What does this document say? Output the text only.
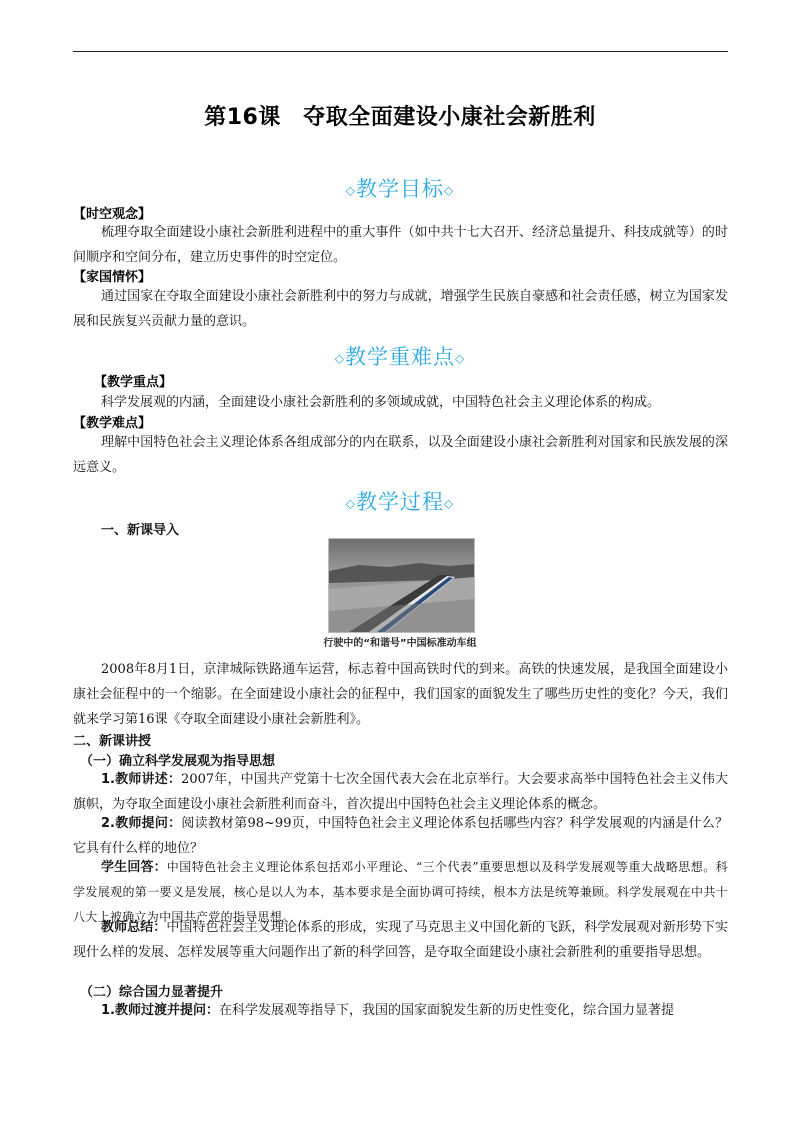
第16课　夺取全面建设小康社会新胜利
◇教学目标◇
【时空观念】
梳理夺取全面建设小康社会新胜利进程中的重大事件（如中共十七大召开、经济总量提升、科技成就等）的时间顺序和空间分布，建立历史事件的时空定位。
【家国情怀】
通过国家在夺取全面建设小康社会新胜利中的努力与成就，增强学生民族自豪感和社会责任感，树立为国家发展和民族复兴贡献力量的意识。
◇教学重难点◇
【教学重点】
科学发展观的内涵，全面建设小康社会新胜利的多领域成就，中国特色社会主义理论体系的构成。
【教学难点】
理解中国特色社会主义理论体系各组成部分的内在联系，以及全面建设小康社会新胜利对国家和民族发展的深远意义。
◇教学过程◇
一、新课导入
行驶中的“和谐号”中国标准动车组
2008年8月1日，京津城际铁路通车运营，标志着中国高铁时代的到来。高铁的快速发展，是我国全面建设小康社会征程中的一个缩影。在全面建设小康社会的征程中，我们国家的面貌发生了哪些历史性的变化？今天，我们就来学习第16课《夺取全面建设小康社会新胜利》。
二、新课讲授
（一）确立科学发展观为指导思想
1.教师讲述：2007年，中国共产党第十七次全国代表大会在北京举行。大会要求高举中国特色社会主义伟大旗帜，为夺取全面建设小康社会新胜利而奋斗，首次提出中国特色社会主义理论体系的概念。
2.教师提问：阅读教材第98~99页，中国特色社会主义理论体系包括哪些内容？科学发展观的内涵是什么？它具有什么样的地位？
学生回答：中国特色社会主义理论体系包括邓小平理论、“三个代表”重要思想以及科学发展观等重大战略思想。科学发展观的第一要义是发展，核心是以人为本，基本要求是全面协调可持续，根本方法是统筹兼顾。科学发展观在中共十八大上被确立为中国共产党的指导思想。
教师总结：中国特色社会主义理论体系的形成，实现了马克思主义中国化新的飞跃，科学发展观对新形势下实现什么样的发展、怎样发展等重大问题作出了新的科学回答，是夺取全面建设小康社会新胜利的重要指导思想。
（二）综合国力显著提升
1.教师过渡并提问：在科学发展观等指导下，我国的国家面貌发生新的历史性变化，综合国力显著提
